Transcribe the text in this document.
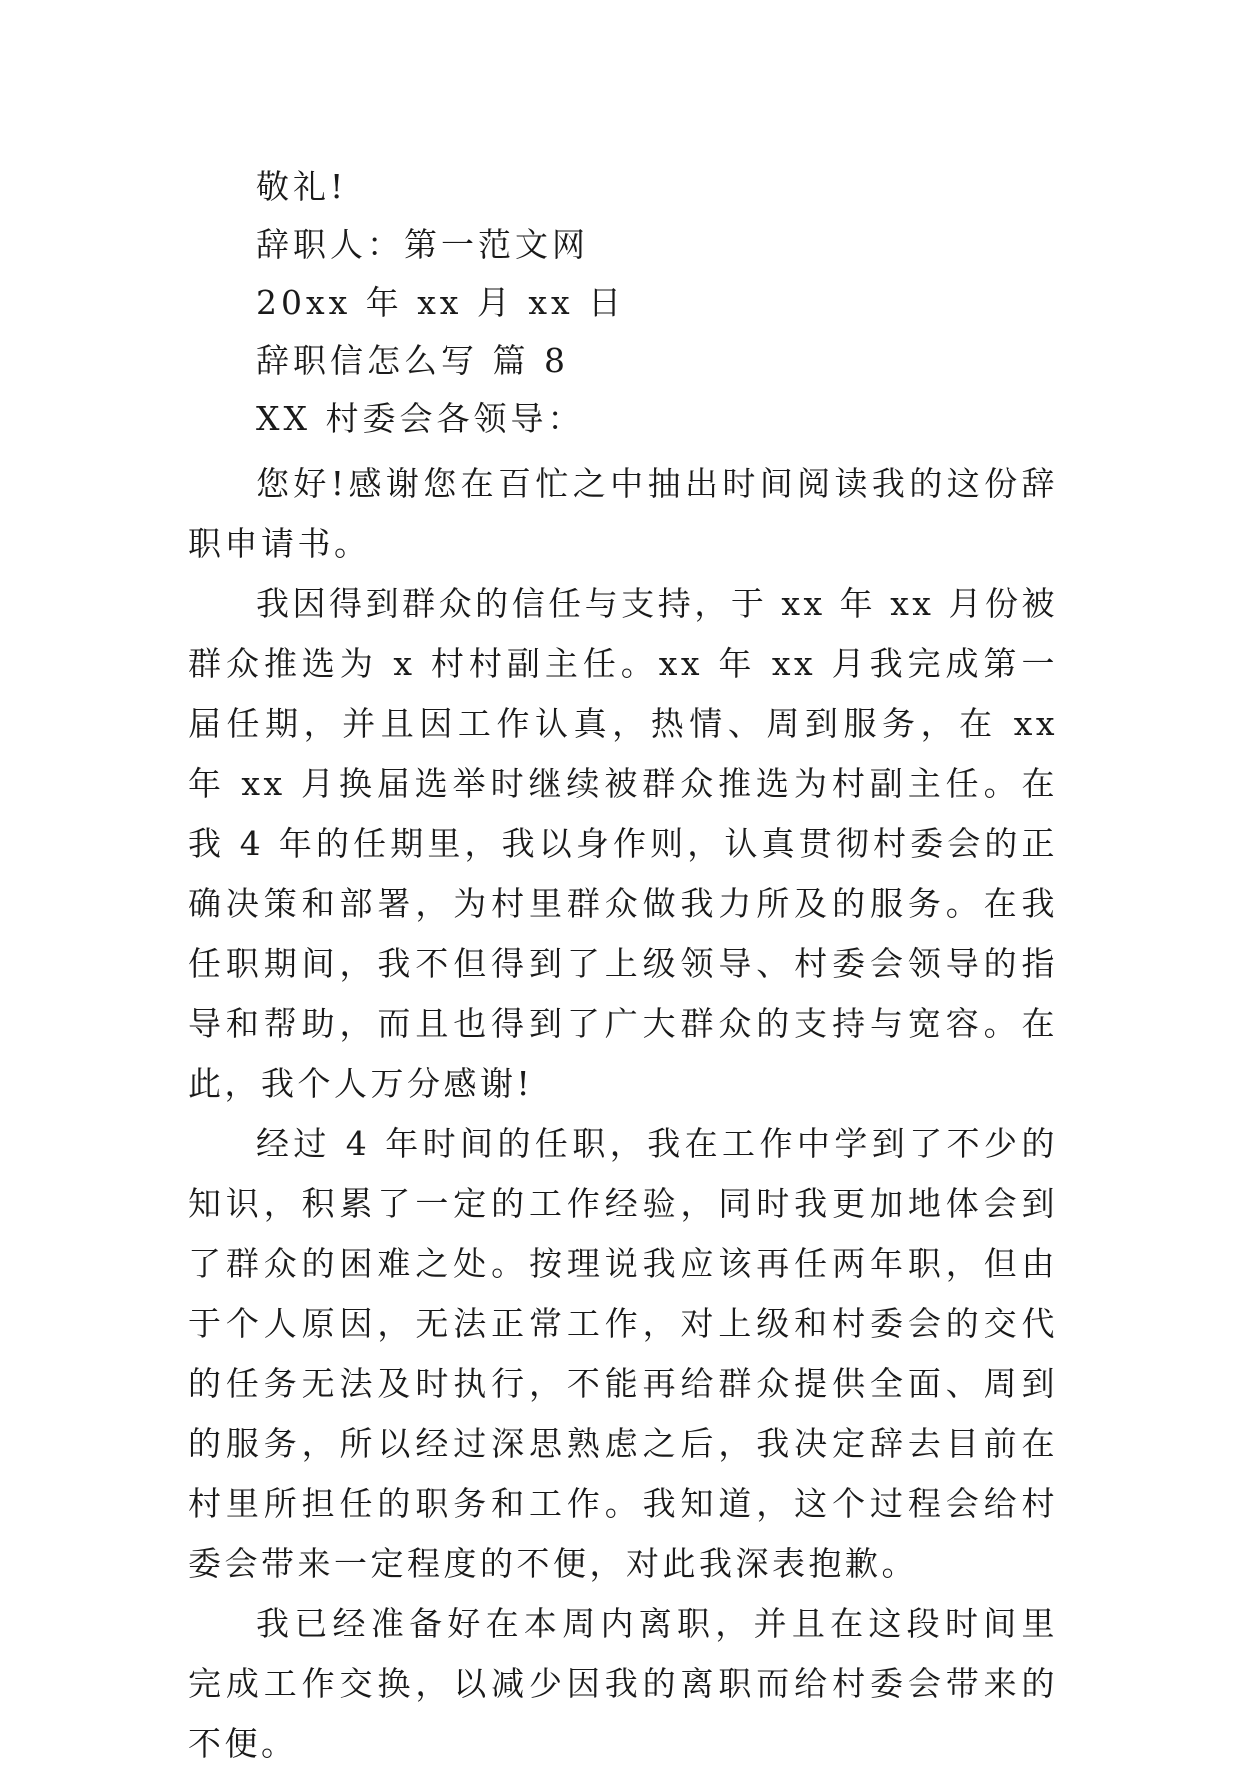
敬礼!
辞职人：第一范文网
20xx 年 xx 月 xx 日
辞职信怎么写 篇 8
XX 村委会各领导：

您好!感谢您在百忙之中抽出时间阅读我的这份辞职申请书。

我因得到群众的信任与支持，于 xx 年 xx 月份被群众推选为 x 村村副主任。xx 年 xx 月我完成第一届任期，并且因工作认真，热情、周到服务，在 xx 年 xx 月换届选举时继续被群众推选为村副主任。在我 4 年的任期里，我以身作则，认真贯彻村委会的正确决策和部署，为村里群众做我力所及的服务。在我任职期间，我不但得到了上级领导、村委会领导的指导和帮助，而且也得到了广大群众的支持与宽容。在此，我个人万分感谢!

经过 4 年时间的任职，我在工作中学到了不少的知识，积累了一定的工作经验，同时我更加地体会到了群众的困难之处。按理说我应该再任两年职，但由于个人原因，无法正常工作，对上级和村委会的交代的任务无法及时执行，不能再给群众提供全面、周到的服务，所以经过深思熟虑之后，我决定辞去目前在村里所担任的职务和工作。我知道，这个过程会给村委会带来一定程度的不便，对此我深表抱歉。

我已经准备好在本周内离职，并且在这段时间里完成工作交换，以减少因我的离职而给村委会带来的不便。
